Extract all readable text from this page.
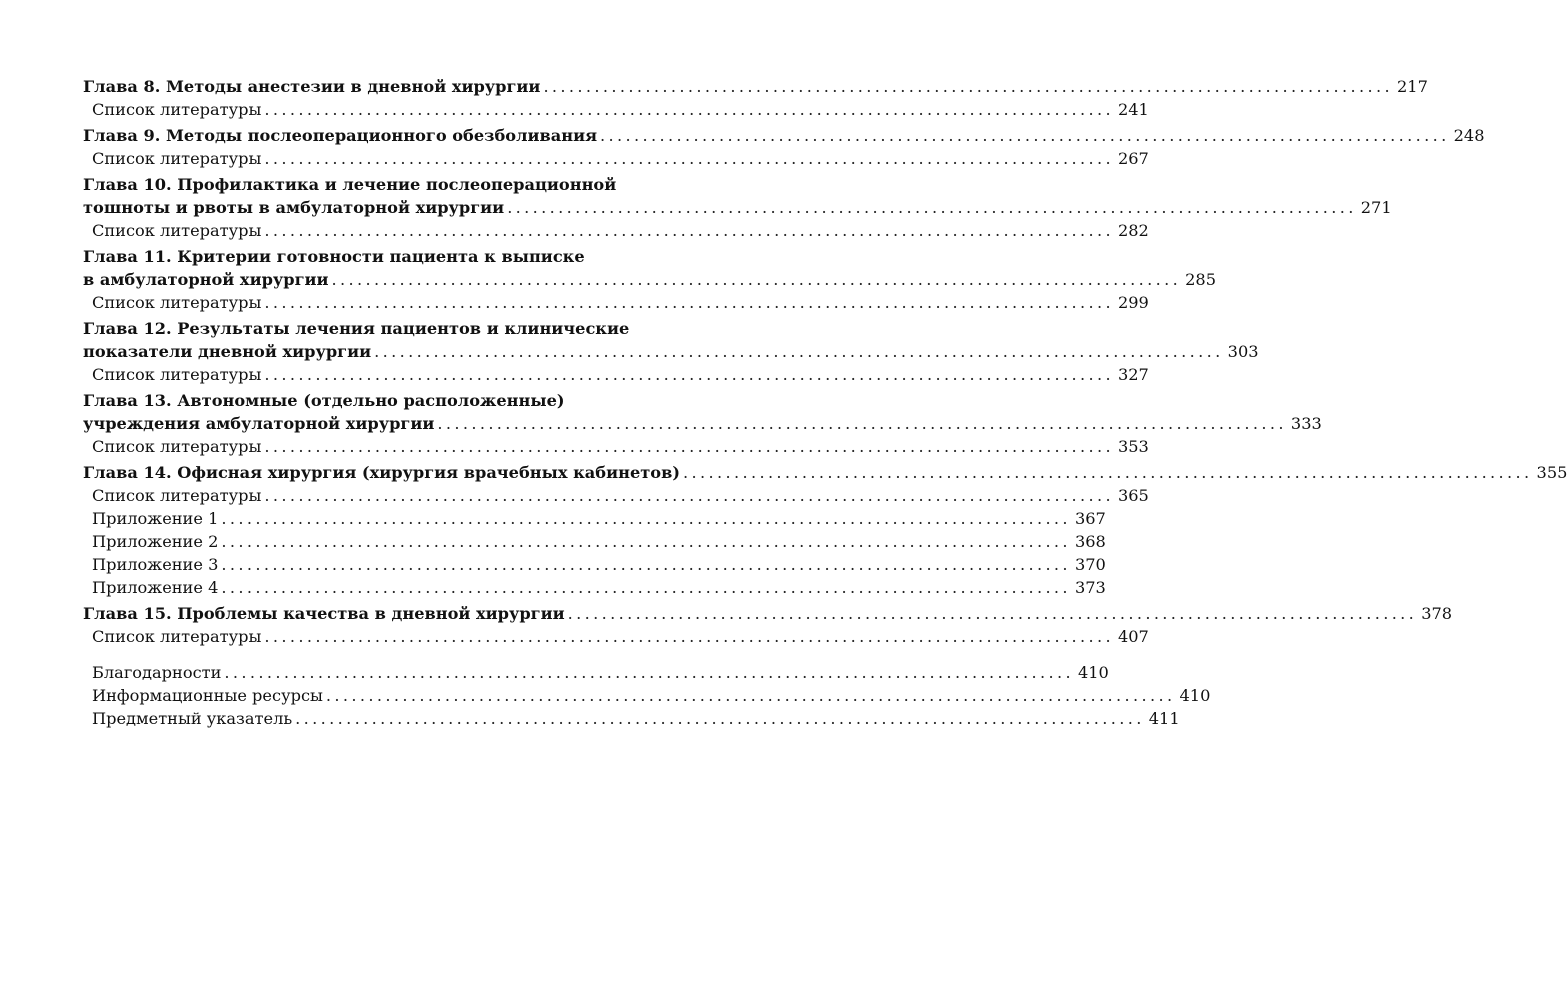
Глава 8. Методы анестезии в дневной хирургии .................................................................................................... 217
Список литературы .................................................................................................... 241
Глава 9. Методы послеоперационного обезболивания .................................................................................................... 248
Список литературы .................................................................................................... 267
Глава 10. Профилактика и лечение послеоперационной
тошноты и рвоты в амбулаторной хирургии .................................................................................................... 271
Список литературы .................................................................................................... 282
Глава 11. Критерии готовности пациента к выписке
в амбулаторной хирургии .................................................................................................... 285
Список литературы .................................................................................................... 299
Глава 12. Результаты лечения пациентов и клинические
показатели дневной хирургии .................................................................................................... 303
Список литературы .................................................................................................... 327
Глава 13. Автономные (отдельно расположенные)
учреждения амбулаторной хирургии .................................................................................................... 333
Список литературы .................................................................................................... 353
Глава 14. Офисная хирургия (хирургия врачебных кабинетов) .................................................................................................... 355
Список литературы .................................................................................................... 365
Приложение 1 .................................................................................................... 367
Приложение 2 .................................................................................................... 368
Приложение 3 .................................................................................................... 370
Приложение 4 .................................................................................................... 373
Глава 15. Проблемы качества в дневной хирургии .................................................................................................... 378
Список литературы .................................................................................................... 407
Благодарности .................................................................................................... 410
Информационные ресурсы .................................................................................................... 410
Предметный указатель .................................................................................................... 411
